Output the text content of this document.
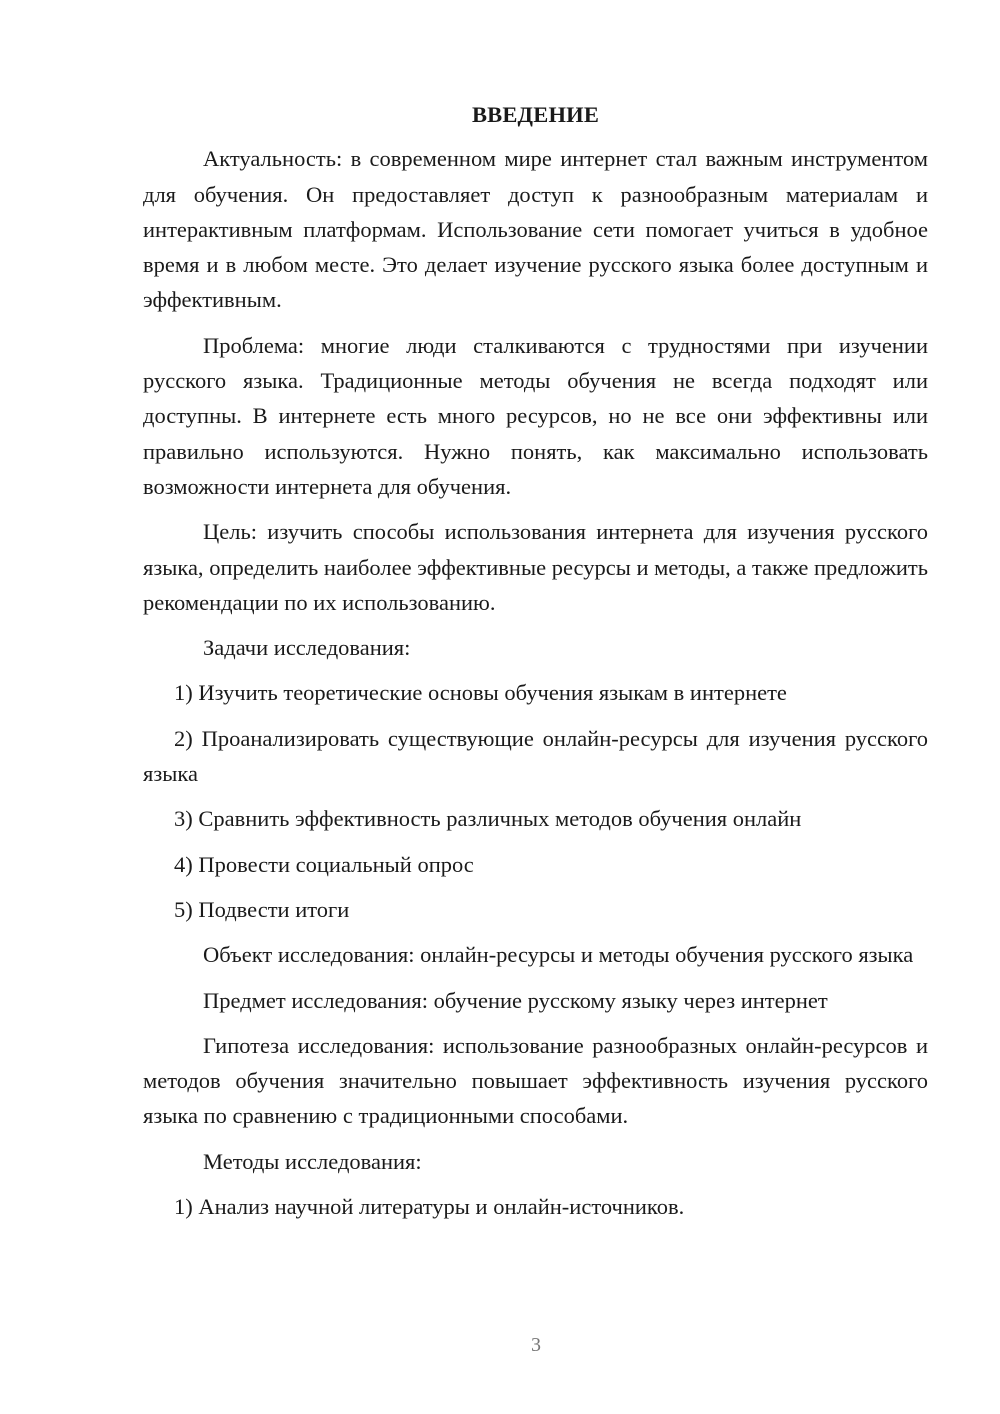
ВВЕДЕНИЕ

Актуальность: в современном мире интернет стал важным инструментом для обучения. Он предоставляет доступ к разнообразным материалам и интерактивным платформам. Использование сети помогает учиться в удобное время и в любом месте. Это делает изучение русского языка более доступным и эффективным.

Проблема: многие люди сталкиваются с трудностями при изучении русского языка. Традиционные методы обучения не всегда подходят или доступны. В интернете есть много ресурсов, но не все они эффективны или правильно используются. Нужно понять, как максимально использовать возможности интернета для обучения.

Цель: изучить способы использования интернета для изучения русского языка, определить наиболее эффективные ресурсы и методы, а также предложить рекомендации по их использованию.

Задачи исследования:

1) Изучить теоретические основы обучения языкам в интернете

2) Проанализировать существующие онлайн-ресурсы для изучения русского языка

3) Сравнить эффективность различных методов обучения онлайн

4) Провести социальный опрос

5) Подвести итоги

Объект исследования: онлайн-ресурсы и методы обучения русского языка

Предмет исследования: обучение русскому языку через интернет

Гипотеза исследования: использование разнообразных онлайн-ресурсов и методов обучения значительно повышает эффективность изучения русского языка по сравнению с традиционными способами.

Методы исследования:

1) Анализ научной литературы и онлайн-источников.

3
